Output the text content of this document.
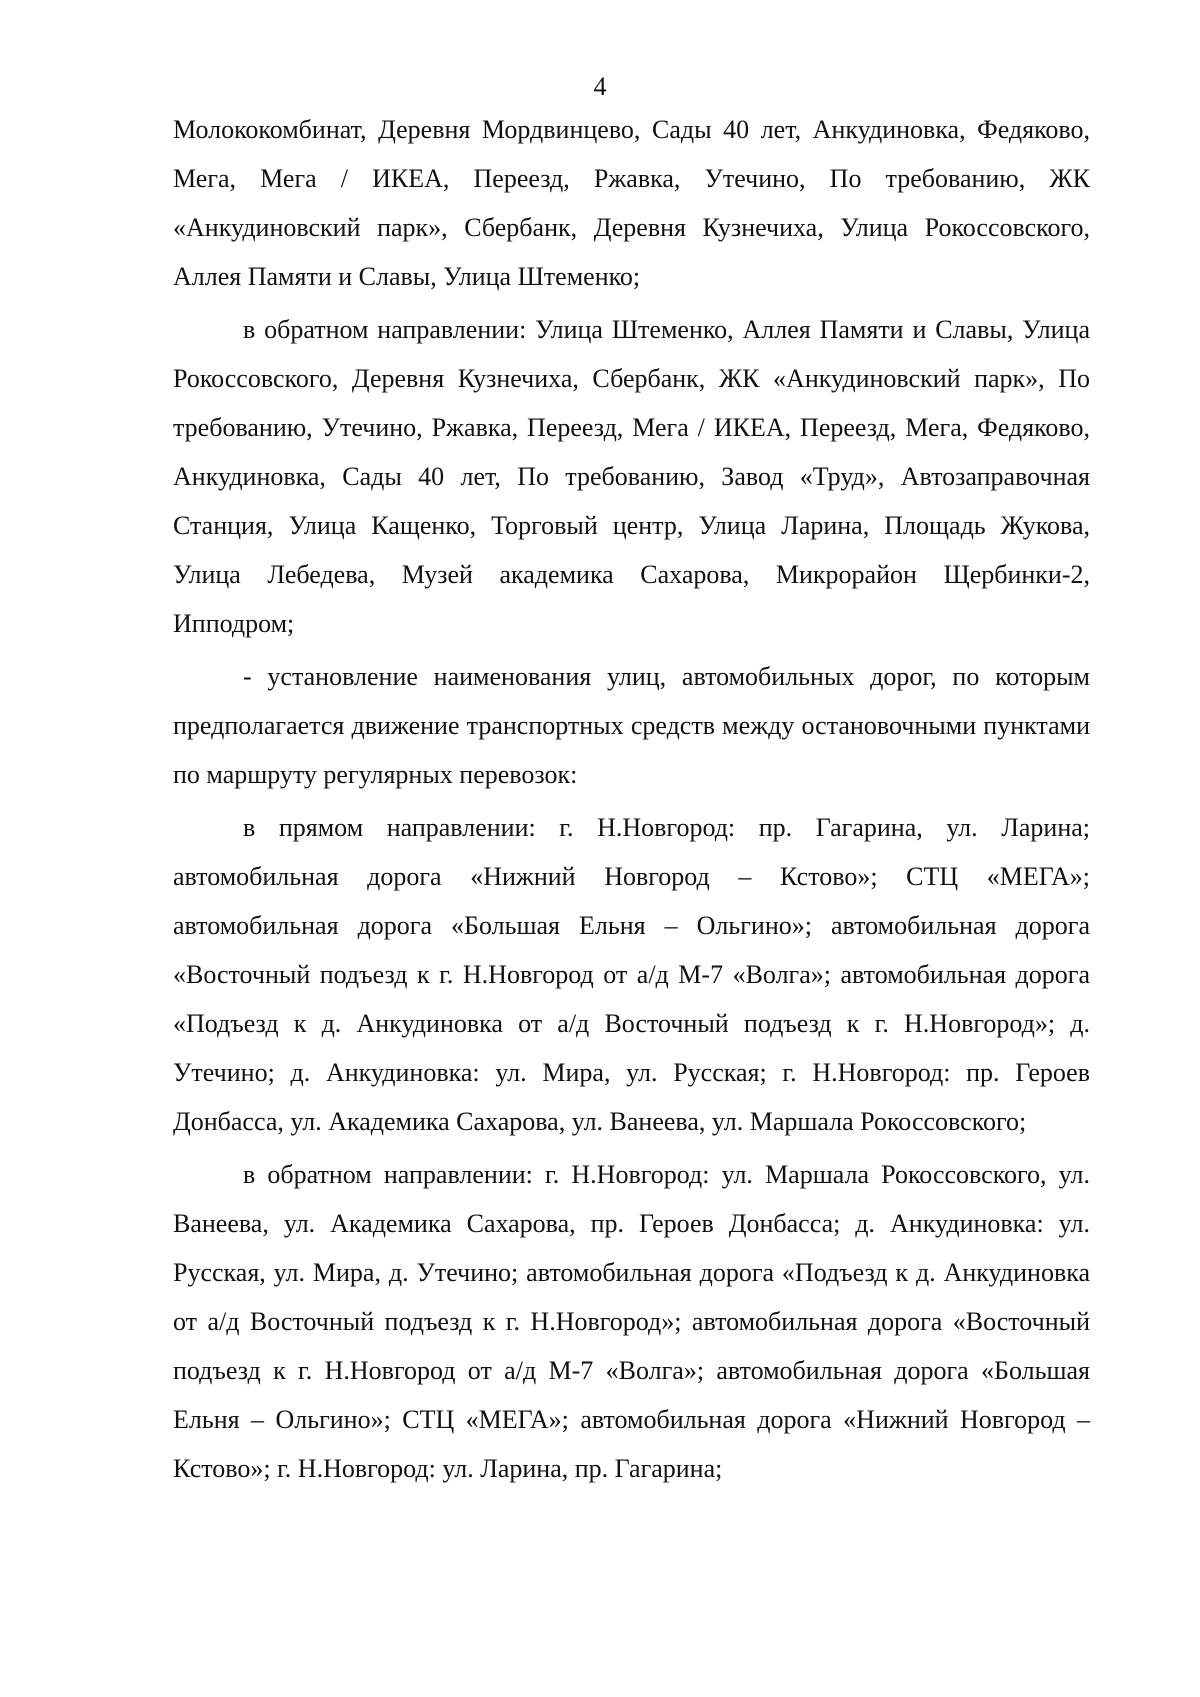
4

Молококомбинат, Деревня Мордвинцево, Сады 40 лет, Анкудиновка, Федяково, Мега, Мега / ИКЕА, Переезд, Ржавка, Утечино, По требованию, ЖК «Анкудиновский парк», Сбербанк, Деревня Кузнечиха, Улица Рокоссовского, Аллея Памяти и Славы, Улица Штеменко;

в обратном направлении: Улица Штеменко, Аллея Памяти и Славы, Улица Рокоссовского, Деревня Кузнечиха, Сбербанк, ЖК «Анкудиновский парк», По требованию, Утечино, Ржавка, Переезд, Мега / ИКЕА, Переезд, Мега, Федяково, Анкудиновка, Сады 40 лет, По требованию, Завод «Труд», Автозаправочная Станция, Улица Кащенко, Торговый центр, Улица Ларина, Площадь Жукова, Улица Лебедева, Музей академика Сахарова, Микрорайон Щербинки-2, Ипподром;

- установление наименования улиц, автомобильных дорог, по которым предполагается движение транспортных средств между остановочными пунктами по маршруту регулярных перевозок:

в прямом направлении: г. Н.Новгород: пр. Гагарина, ул. Ларина; автомобильная дорога «Нижний Новгород – Кстово»; СТЦ «МЕГА»; автомобильная дорога «Большая Ельня – Ольгино»; автомобильная дорога «Восточный подъезд к г. Н.Новгород от а/д М-7 «Волга»; автомобильная дорога «Подъезд к д. Анкудиновка от а/д Восточный подъезд к г. Н.Новгород»; д. Утечино; д. Анкудиновка: ул. Мира, ул. Русская; г. Н.Новгород: пр. Героев Донбасса, ул. Академика Сахарова, ул. Ванеева, ул. Маршала Рокоссовского;

в обратном направлении: г. Н.Новгород: ул. Маршала Рокоссовского, ул. Ванеева, ул. Академика Сахарова, пр. Героев Донбасса; д. Анкудиновка: ул. Русская, ул. Мира, д. Утечино; автомобильная дорога «Подъезд к д. Анкудиновка от а/д Восточный подъезд к г. Н.Новгород»; автомобильная дорога «Восточный подъезд к г. Н.Новгород от а/д М-7 «Волга»; автомобильная дорога «Большая Ельня – Ольгино»; СТЦ «МЕГА»; автомобильная дорога «Нижний Новгород – Кстово»; г. Н.Новгород: ул. Ларина, пр. Гагарина;
